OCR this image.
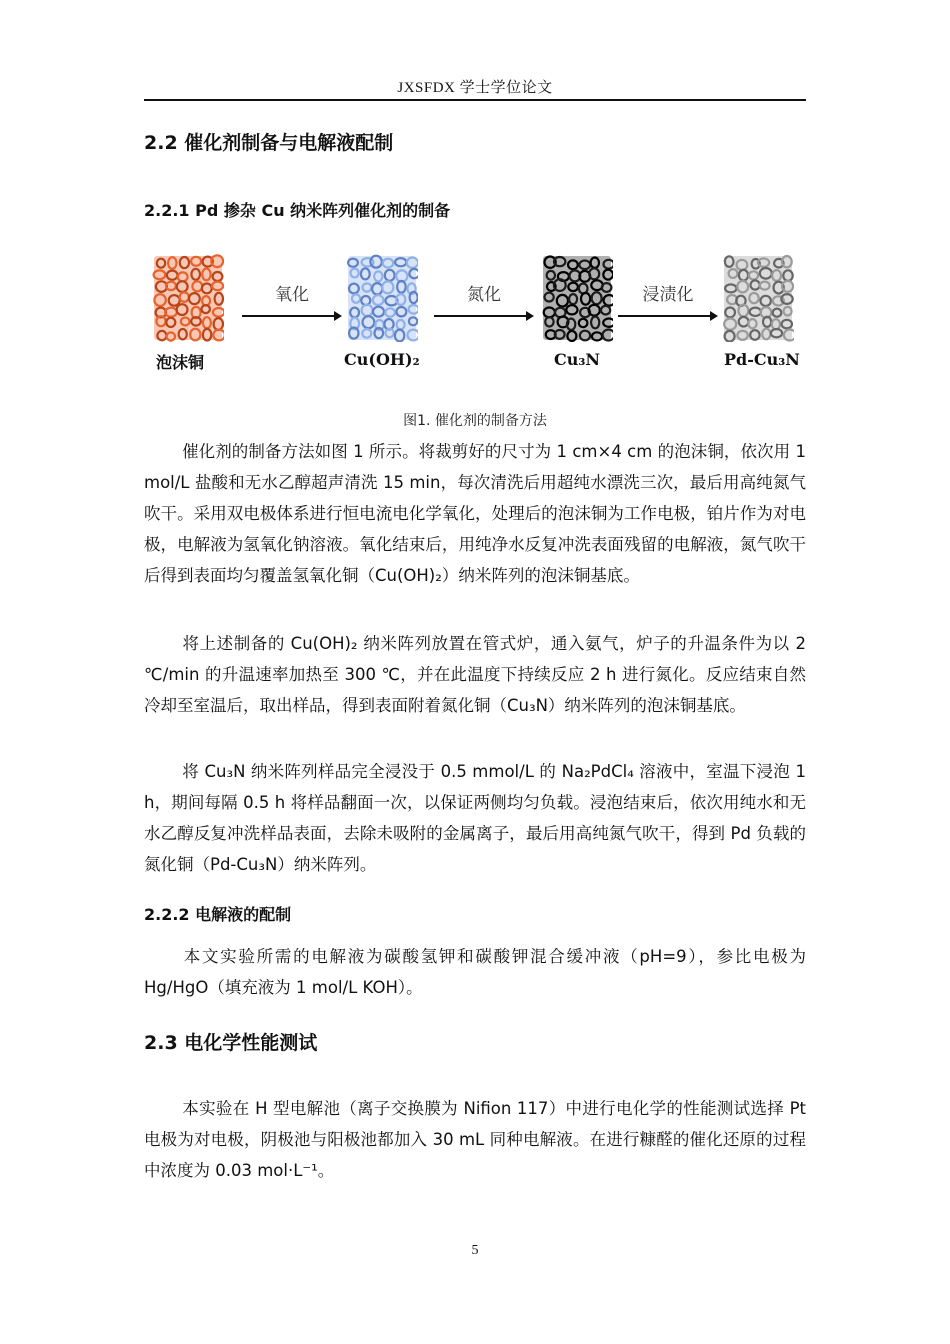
JXSFDX 学士学位论文
2.2 催化剂制备与电解液配制
2.2.1 Pd 掺杂 Cu 纳米阵列催化剂的制备
泡沫铜
氧化
Cu(OH)₂
氮化
Cu₃N
浸渍化
Pd-Cu₃N
图1. 催化剂的制备方法
催化剂的制备方法如图 1 所示。将裁剪好的尺寸为 1 cm×4 cm 的泡沫铜，依次用 1 mol/L 盐酸和无水乙醇超声清洗 15 min，每次清洗后用超纯水漂洗三次，最后用高纯氮气吹干。采用双电极体系进行恒电流电化学氧化，处理后的泡沫铜为工作电极，铂片作为对电极，电解液为氢氧化钠溶液。氧化结束后，用纯净水反复冲洗表面残留的电解液，氮气吹干后得到表面均匀覆盖氢氧化铜（Cu(OH)₂）纳米阵列的泡沫铜基底。
将上述制备的 Cu(OH)₂ 纳米阵列放置在管式炉，通入氨气，炉子的升温条件为以 2 ℃/min 的升温速率加热至 300 ℃，并在此温度下持续反应 2 h 进行氮化。反应结束自然冷却至室温后，取出样品，得到表面附着氮化铜（Cu₃N）纳米阵列的泡沫铜基底。
将 Cu₃N 纳米阵列样品完全浸没于 0.5 mmol/L 的 Na₂PdCl₄ 溶液中，室温下浸泡 1 h，期间每隔 0.5 h 将样品翻面一次，以保证两侧均匀负载。浸泡结束后，依次用纯水和无水乙醇反复冲洗样品表面，去除未吸附的金属离子，最后用高纯氮气吹干，得到 Pd 负载的氮化铜（Pd-Cu₃N）纳米阵列。
2.2.2 电解液的配制
本文实验所需的电解液为碳酸氢钾和碳酸钾混合缓冲液（pH=9），参比电极为 Hg/HgO（填充液为 1 mol/L KOH）。
2.3 电化学性能测试
本实验在 H 型电解池（离子交换膜为 Nifion 117）中进行电化学的性能测试选择 Pt 电极为对电极，阴极池与阳极池都加入 30 mL 同种电解液。在进行糠醛的催化还原的过程中浓度为 0.03 mol·L⁻¹。
5
